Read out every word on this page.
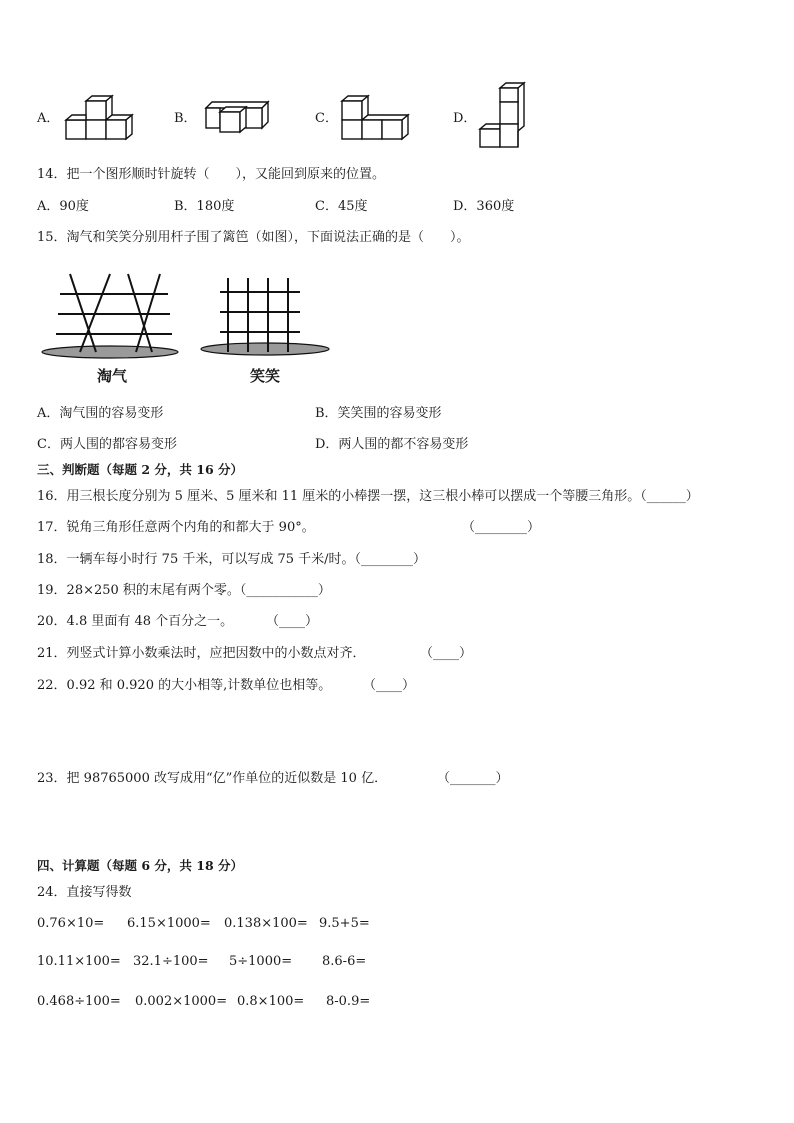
A．	B．	C．	D．
14．把一个图形顺时针旋转（　　），又能回到原来的位置。
A．90度	B．180度	C．45度	D．360度
15．淘气和笑笑分别用杆子围了篱笆（如图），下面说法正确的是（　　）。
淘气	笑笑
A．淘气围的容易变形	B．笑笑围的容易变形
C．两人围的都容易变形	D．两人围的都不容易变形
三、判断题（每题 2 分，共 16 分）
16．用三根长度分别为 5 厘米、5 厘米和 11 厘米的小棒摆一摆，这三根小棒可以摆成一个等腰三角形。（______）
17．锐角三角形任意两个内角的和都大于 90°。	（________）
18．一辆车每小时行 75 千米，可以写成 75 千米/时。（________）
19．28×250 积的末尾有两个零。（___________）
20．4.8 里面有 48 个百分之一。	（____）
21．列竖式计算小数乘法时，应把因数中的小数点对齐．	（____）
22．0.92 和 0.920 的大小相等,计数单位也相等。 （____）
23．把 98765000 改写成用“亿”作单位的近似数是 10 亿．	（_______）
四、计算题（每题 6 分，共 18 分）
24．直接写得数
0.76×10= 6.15×1000= 0.138×100= 9.5+5=
10.11×100= 32.1÷100= 5÷1000= 8.6-6=
0.468÷100= 0.002×1000= 0.8×100= 8-0.9=
